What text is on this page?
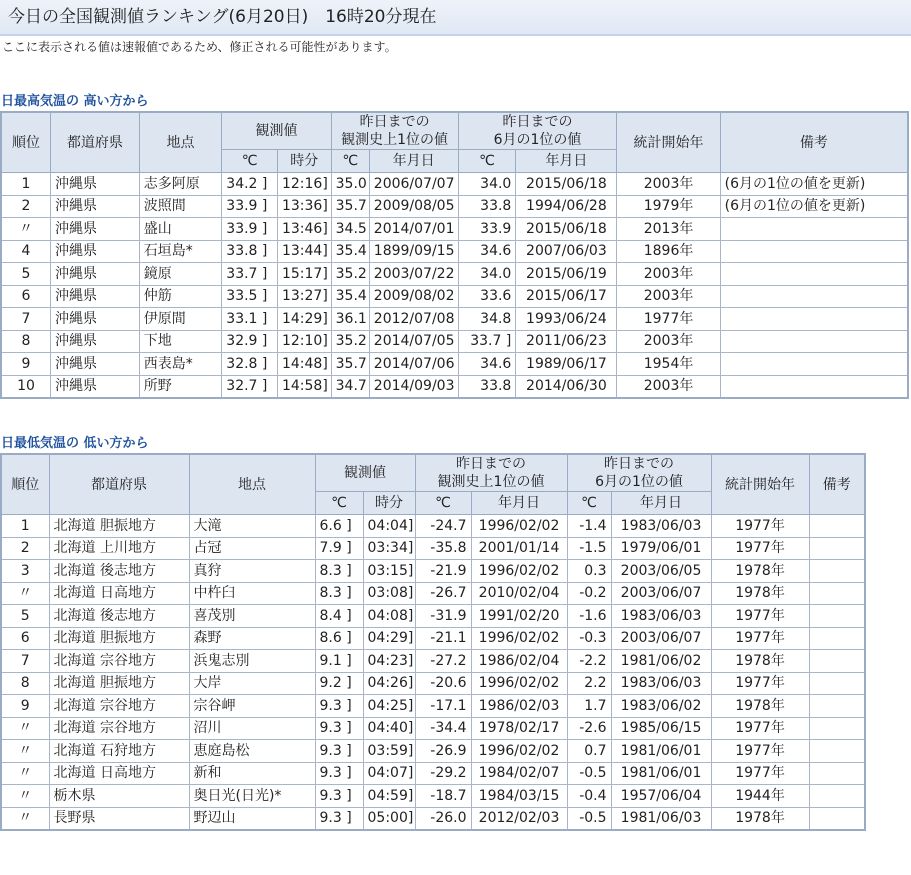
今日の全国観測値ランキング(6月20日)　16時20分現在
ここに表示される値は速報値であるため、修正される可能性があります。
日最高気温の 高い方から
順位	都道府県	地点	観測値		昨日までの
観測史上1位の値		昨日までの
6月の1位の値		統計開始年	備考
			℃	時分	℃	年月日	℃	年月日		
1	沖縄県	志多阿原	34.2 ]	12:16]	35.0	2006/07/07	34.0	2015/06/18	2003年	(6月の1位の値を更新)
2	沖縄県	波照間	33.9 ]	13:36]	35.7	2009/08/05	33.8	1994/06/28	1979年	(6月の1位の値を更新)
〃	沖縄県	盛山	33.9 ]	13:46]	34.5	2014/07/01	33.9	2015/06/18	2013年	
4	沖縄県	石垣島*	33.8 ]	13:44]	35.4	1899/09/15	34.6	2007/06/03	1896年	
5	沖縄県	鏡原	33.7 ]	15:17]	35.2	2003/07/22	34.0	2015/06/19	2003年	
6	沖縄県	仲筋	33.5 ]	13:27]	35.4	2009/08/02	33.6	2015/06/17	2003年	
7	沖縄県	伊原間	33.1 ]	14:29]	36.1	2012/07/08	34.8	1993/06/24	1977年	
8	沖縄県	下地	32.9 ]	12:10]	35.2	2014/07/05	33.7 ]	2011/06/23	2003年	
9	沖縄県	西表島*	32.8 ]	14:48]	35.7	2014/07/06	34.6	1989/06/17	1954年	
10	沖縄県	所野	32.7 ]	14:58]	34.7	2014/09/03	33.8	2014/06/30	2003年	
日最低気温の 低い方から
順位	都道府県	地点	観測値		昨日までの
観測史上1位の値		昨日までの
6月の1位の値		統計開始年	備考
			℃	時分	℃	年月日	℃	年月日		
1	北海道 胆振地方	大滝	6.6 ]	04:04]	-24.7	1996/02/02	-1.4	1983/06/03	1977年	
2	北海道 上川地方	占冠	7.9 ]	03:34]	-35.8	2001/01/14	-1.5	1979/06/01	1977年	
3	北海道 後志地方	真狩	8.3 ]	03:15]	-21.9	1996/02/02	0.3	2003/06/05	1978年	
〃	北海道 日高地方	中杵臼	8.3 ]	03:08]	-26.7	2010/02/04	-0.2	2003/06/07	1978年	
5	北海道 後志地方	喜茂別	8.4 ]	04:08]	-31.9	1991/02/20	-1.6	1983/06/03	1977年	
6	北海道 胆振地方	森野	8.6 ]	04:29]	-21.1	1996/02/02	-0.3	2003/06/07	1977年	
7	北海道 宗谷地方	浜鬼志別	9.1 ]	04:23]	-27.2	1986/02/04	-2.2	1981/06/02	1978年	
8	北海道 胆振地方	大岸	9.2 ]	04:26]	-20.6	1996/02/02	2.2	1983/06/03	1977年	
9	北海道 宗谷地方	宗谷岬	9.3 ]	04:25]	-17.1	1986/02/03	1.7	1983/06/02	1978年	
〃	北海道 宗谷地方	沼川	9.3 ]	04:40]	-34.4	1978/02/17	-2.6	1985/06/15	1977年	
〃	北海道 石狩地方	恵庭島松	9.3 ]	03:59]	-26.9	1996/02/02	0.7	1981/06/01	1977年	
〃	北海道 日高地方	新和	9.3 ]	04:07]	-29.2	1984/02/07	-0.5	1981/06/01	1977年	
〃	栃木県	奥日光(日光)*	9.3 ]	04:59]	-18.7	1984/03/15	-0.4	1957/06/04	1944年	
〃	長野県	野辺山	9.3 ]	05:00]	-26.0	2012/02/03	-0.5	1981/06/03	1978年	
